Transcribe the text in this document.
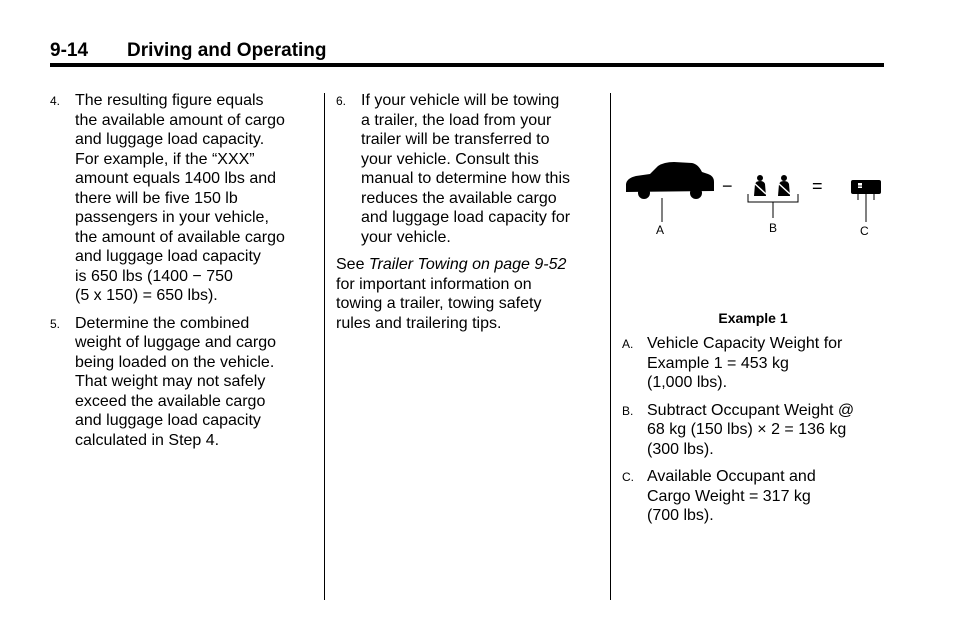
9-14 Driving and Operating
4. The resulting figure equals
the available amount of cargo
and luggage load capacity.
For example, if the “XXX”
amount equals 1400 lbs and
there will be five 150 lb
passengers in your vehicle,
the amount of available cargo
and luggage load capacity
is 650 lbs (1400 − 750
(5 x 150) = 650 lbs).
5. Determine the combined
weight of luggage and cargo
being loaded on the vehicle.
That weight may not safely
exceed the available cargo
and luggage load capacity
calculated in Step 4.
6. If your vehicle will be towing
a trailer, the load from your
trailer will be transferred to
your vehicle. Consult this
manual to determine how this
reduces the available cargo
and luggage load capacity for
your vehicle.
See Trailer Towing on page 9-52
for important information on
towing a trailer, towing safety
rules and trailering tips.
−	=
A	B	C
Example 1
A. Vehicle Capacity Weight for
Example 1 = 453 kg
(1,000 lbs).
B. Subtract Occupant Weight @
68 kg (150 lbs) × 2 = 136 kg
(300 lbs).
C. Available Occupant and
Cargo Weight = 317 kg
(700 lbs).
